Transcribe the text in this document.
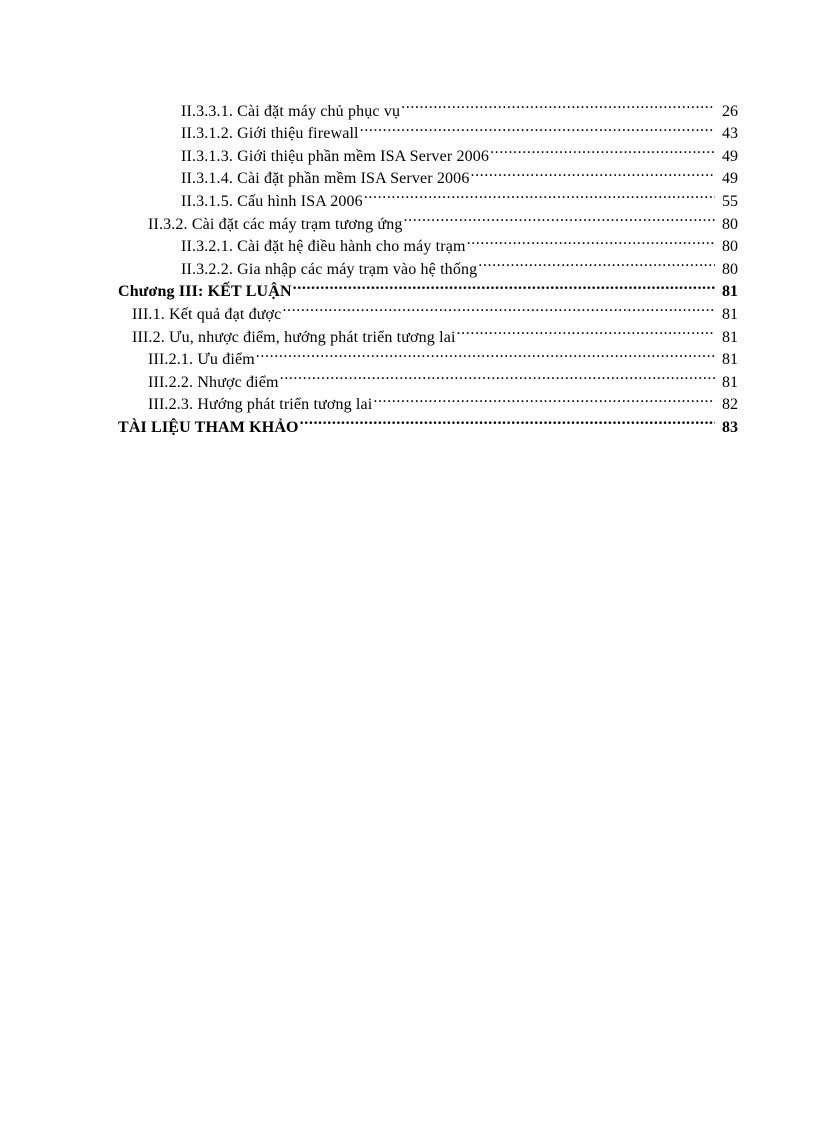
II.3.3.1. Cài đặt máy chủ phục vụ .....	26
II.3.1.2. Giới thiệu firewall .....	43
II.3.1.3. Giới thiệu phần mềm ISA Server 2006 .....	49
II.3.1.4. Cài đặt phần mềm ISA Server 2006 .....	49
II.3.1.5. Cấu hình ISA 2006 .....	55
II.3.2. Cài đặt các máy trạm tương ứng .....	80
II.3.2.1. Cài đặt hệ điều hành cho máy trạm .....	80
II.3.2.2. Gia nhập các máy trạm vào hệ thống .....	80
Chương III: KẾT LUẬN .....	81
III.1. Kết quả đạt được .....	81
III.2. Ưu, nhược điểm, hướng phát triển tương lai .....	81
III.2.1. Ưu điểm .....	81
III.2.2. Nhược điểm .....	81
III.2.3. Hướng phát triển tương lai .....	82
TÀI LIỆU THAM KHẢO .....	83
